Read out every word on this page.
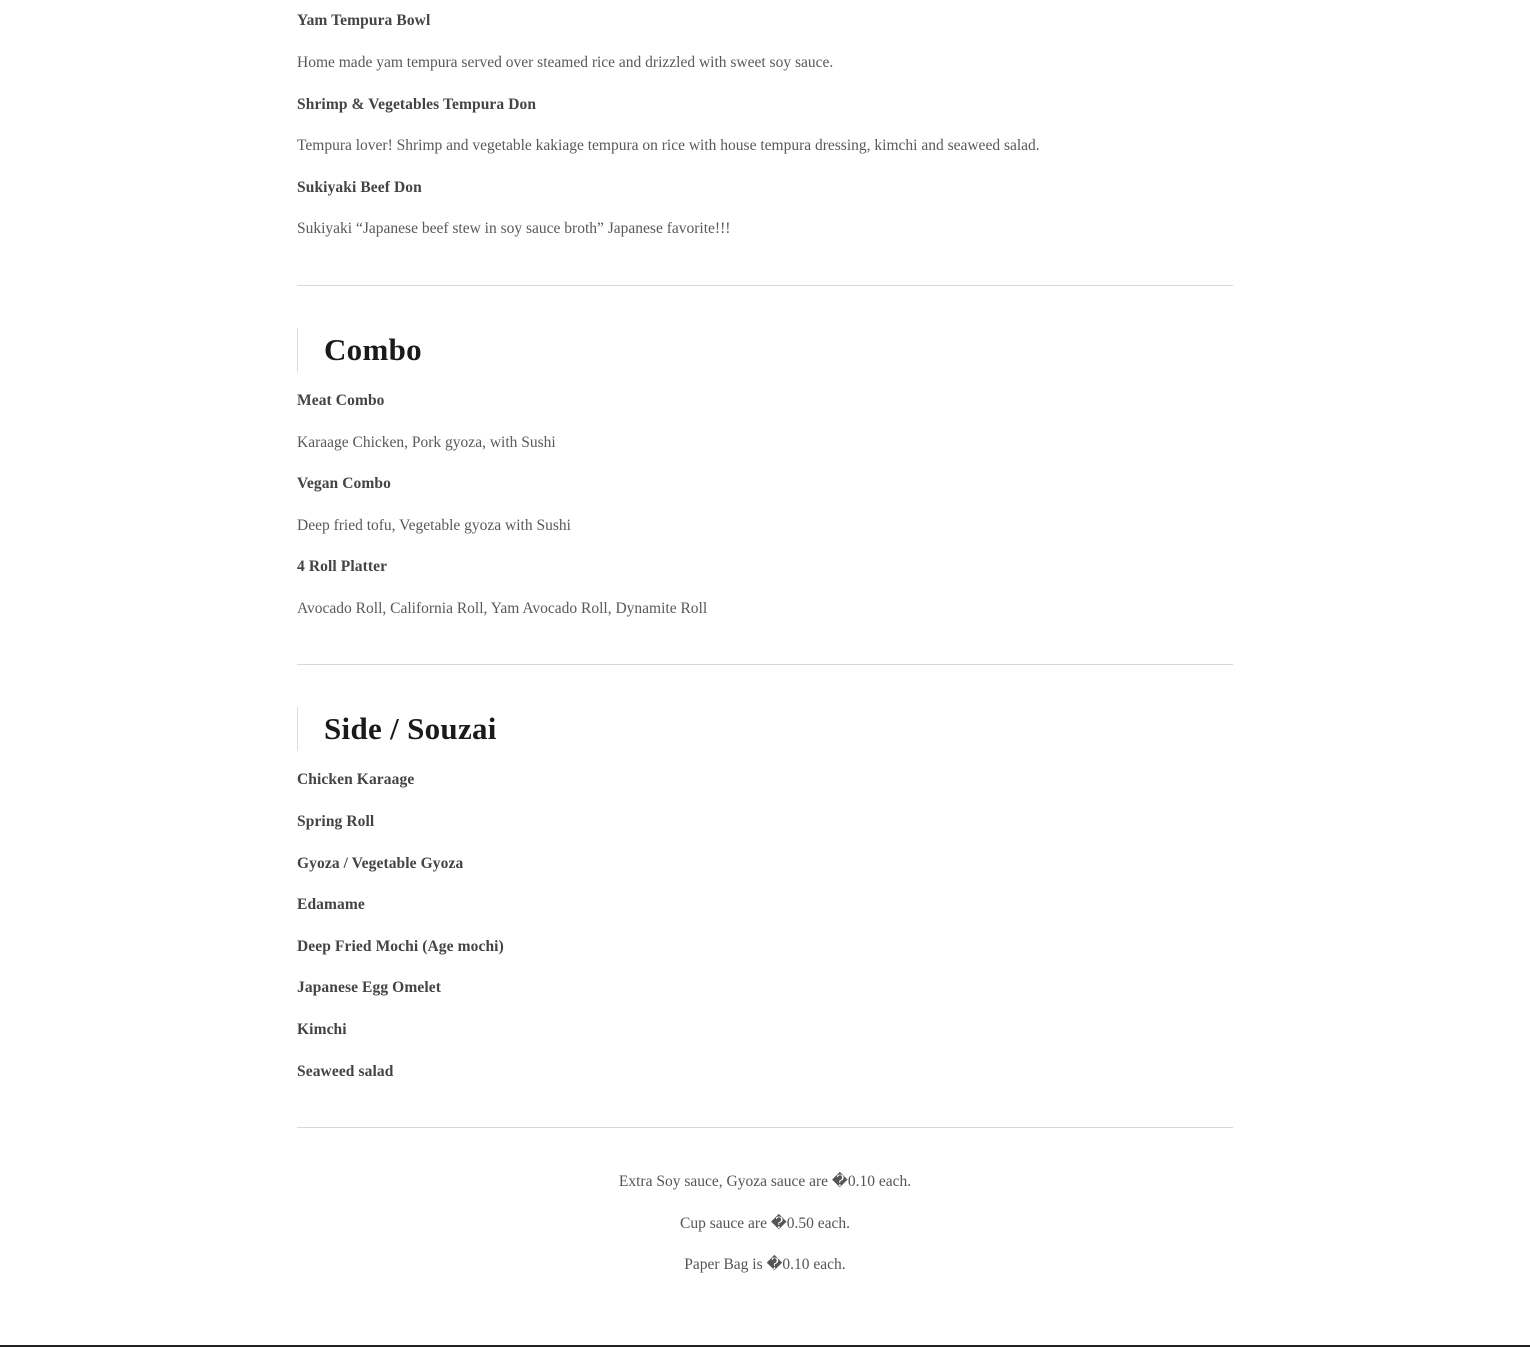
Yam Tempura Bowl

Home made yam tempura served over steamed rice and drizzled with sweet soy sauce.

Shrimp & Vegetables Tempura Don

Tempura lover! Shrimp and vegetable kakiage tempura on rice with house tempura dressing, kimchi and seaweed salad.

Sukiyaki Beef Don

Sukiyaki “Japanese beef stew in soy sauce broth” Japanese favorite!!!

Combo

Meat Combo

Karaage Chicken, Pork gyoza, with Sushi

Vegan Combo

Deep fried tofu, Vegetable gyoza with Sushi

4 Roll Platter

Avocado Roll, California Roll, Yam Avocado Roll, Dynamite Roll

Side / Souzai

Chicken Karaage

Spring Roll

Gyoza / Vegetable Gyoza

Edamame

Deep Fried Mochi (Age mochi)

Japanese Egg Omelet

Kimchi

Seaweed salad

Extra Soy sauce, Gyoza sauce are �0.10 each.

Cup sauce are �0.50 each.

Paper Bag is �0.10 each.
